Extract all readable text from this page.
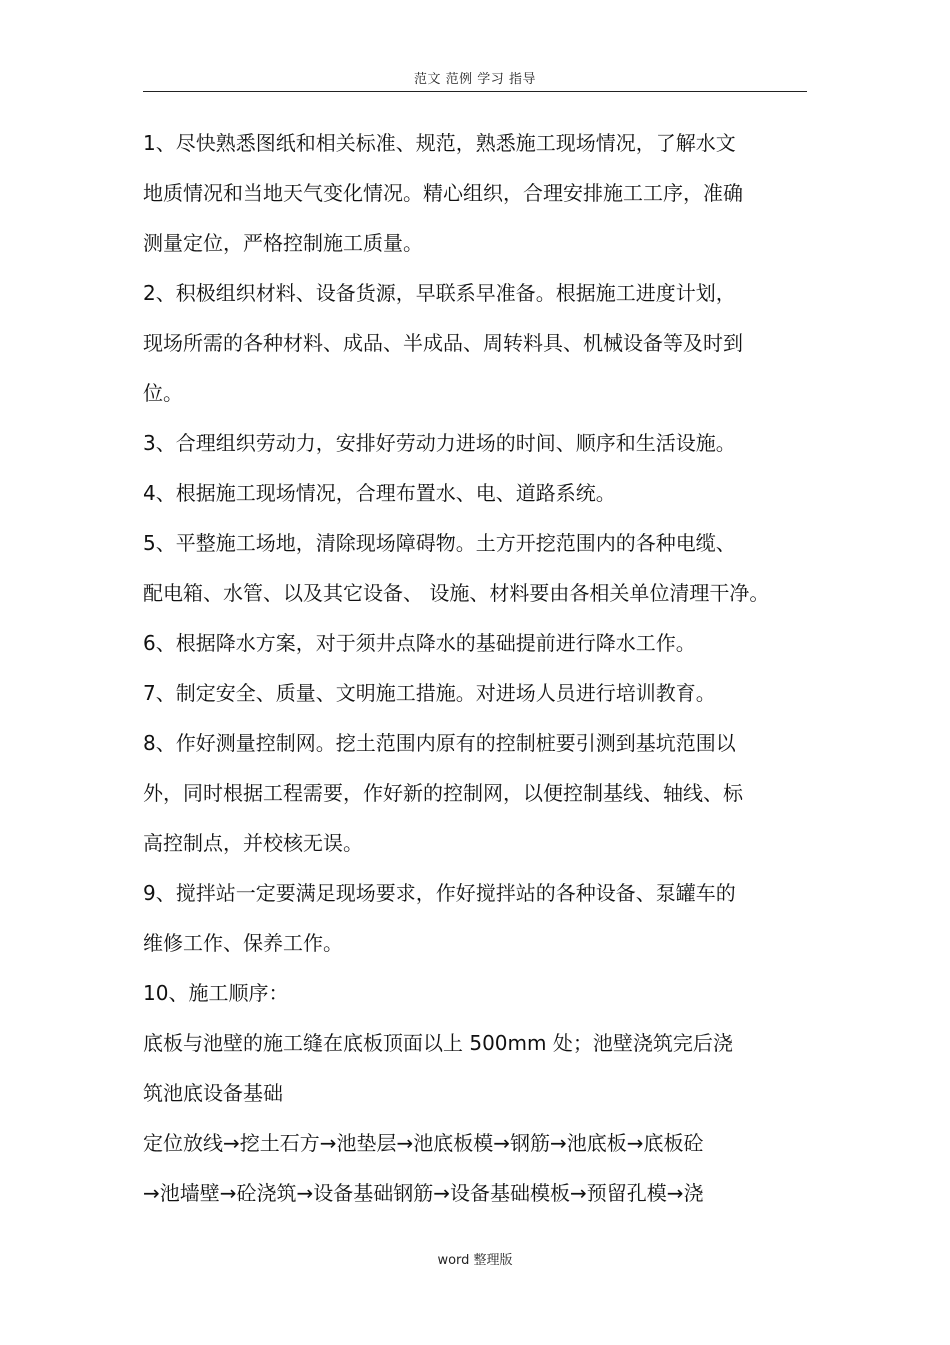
范文 范例 学习 指导
1、尽快熟悉图纸和相关标准、规范，熟悉施工现场情况，了解水文
地质情况和当地天气变化情况。精心组织，合理安排施工工序，准确
测量定位，严格控制施工质量。
2、积极组织材料、设备货源，早联系早准备。根据施工进度计划，
现场所需的各种材料、成品、半成品、周转料具、机械设备等及时到
位。
3、合理组织劳动力，安排好劳动力进场的时间、顺序和生活设施。
4、根据施工现场情况，合理布置水、电、道路系统。
5、平整施工场地，清除现场障碍物。土方开挖范围内的各种电缆、
配电箱、水管、以及其它设备、 设施、材料要由各相关单位清理干净。
6、根据降水方案，对于须井点降水的基础提前进行降水工作。
7、制定安全、质量、文明施工措施。对进场人员进行培训教育。
8、作好测量控制网。挖土范围内原有的控制桩要引测到基坑范围以
外，同时根据工程需要，作好新的控制网，以便控制基线、轴线、标
高控制点，并校核无误。
9、搅拌站一定要满足现场要求，作好搅拌站的各种设备、泵罐车的
维修工作、保养工作。
10、施工顺序：
底板与池壁的施工缝在底板顶面以上 500mm 处；池壁浇筑完后浇
筑池底设备基础
定位放线→挖土石方→池垫层→池底板模→钢筋→池底板→底板砼
→池墙壁→砼浇筑→设备基础钢筋→设备基础模板→预留孔模→浇
word 整理版
